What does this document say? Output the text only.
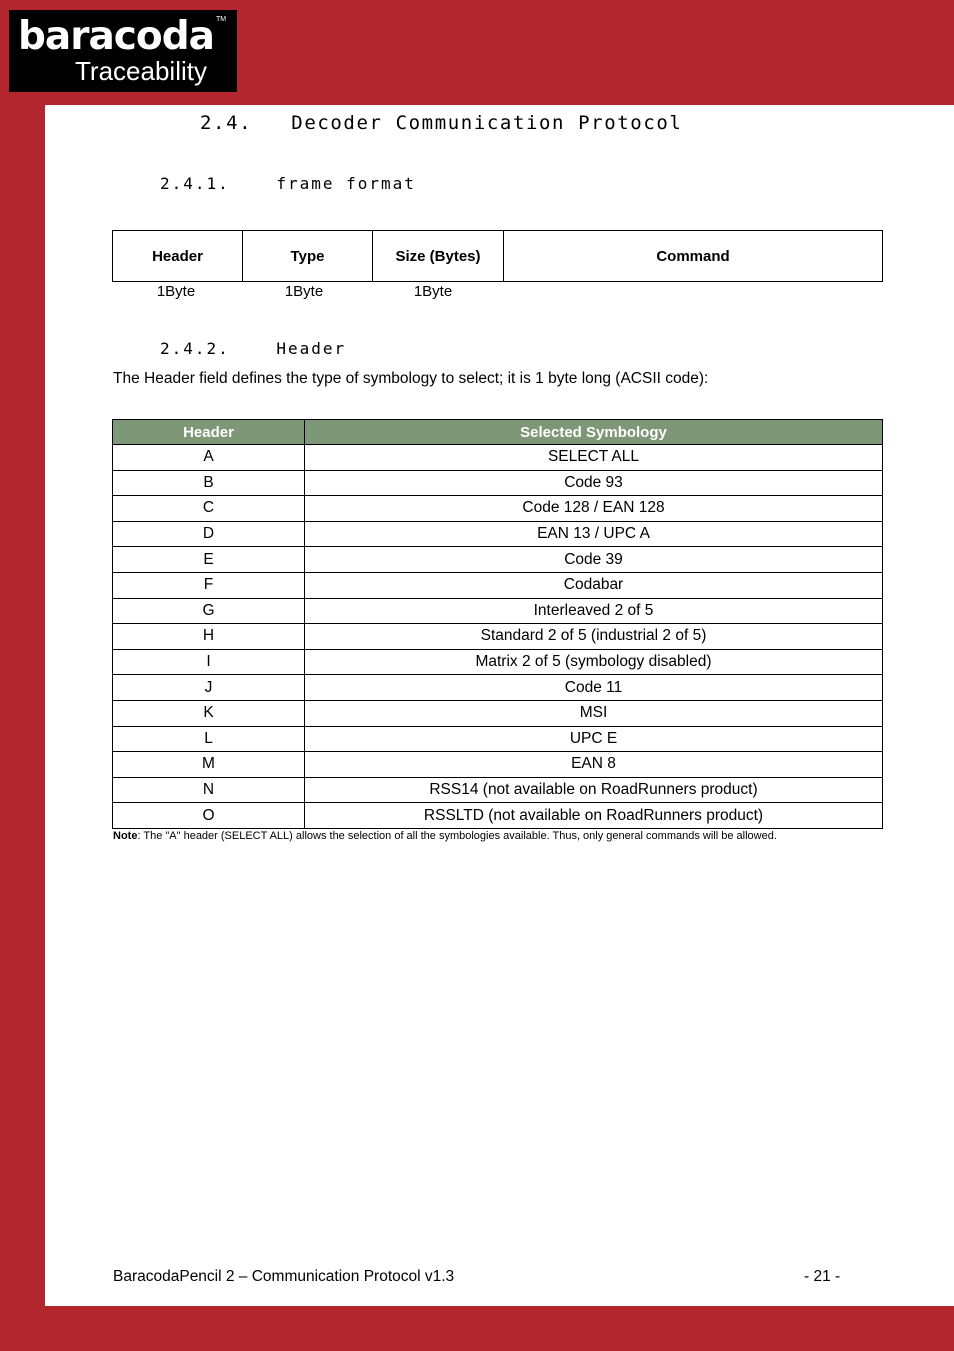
baracoda TM
Traceability
2.4. Decoder Communication Protocol
2.4.1.	frame format
Header	Type	Size (Bytes)	Command
1Byte	1Byte	1Byte
2.4.2.	Header
The Header field defines the type of symbology to select; it is 1 byte long (ACSII code):
Header	Selected Symbology
A	SELECT ALL
B	Code 93
C	Code 128 / EAN 128
D	EAN 13 / UPC A
E	Code 39
F	Codabar
G	Interleaved 2 of 5
H	Standard 2 of 5 (industrial 2 of 5)
I	Matrix 2 of 5 (symbology disabled)
J	Code 11
K	MSI
L	UPC E
M	EAN 8
N	RSS14 (not available on RoadRunners product)
O	RSSLTD (not available on RoadRunners product)
Note: The "A" header (SELECT ALL) allows the selection of all the symbologies available. Thus, only general commands will be allowed.
BaracodaPencil 2 – Communication Protocol v1.3	- 21 -
